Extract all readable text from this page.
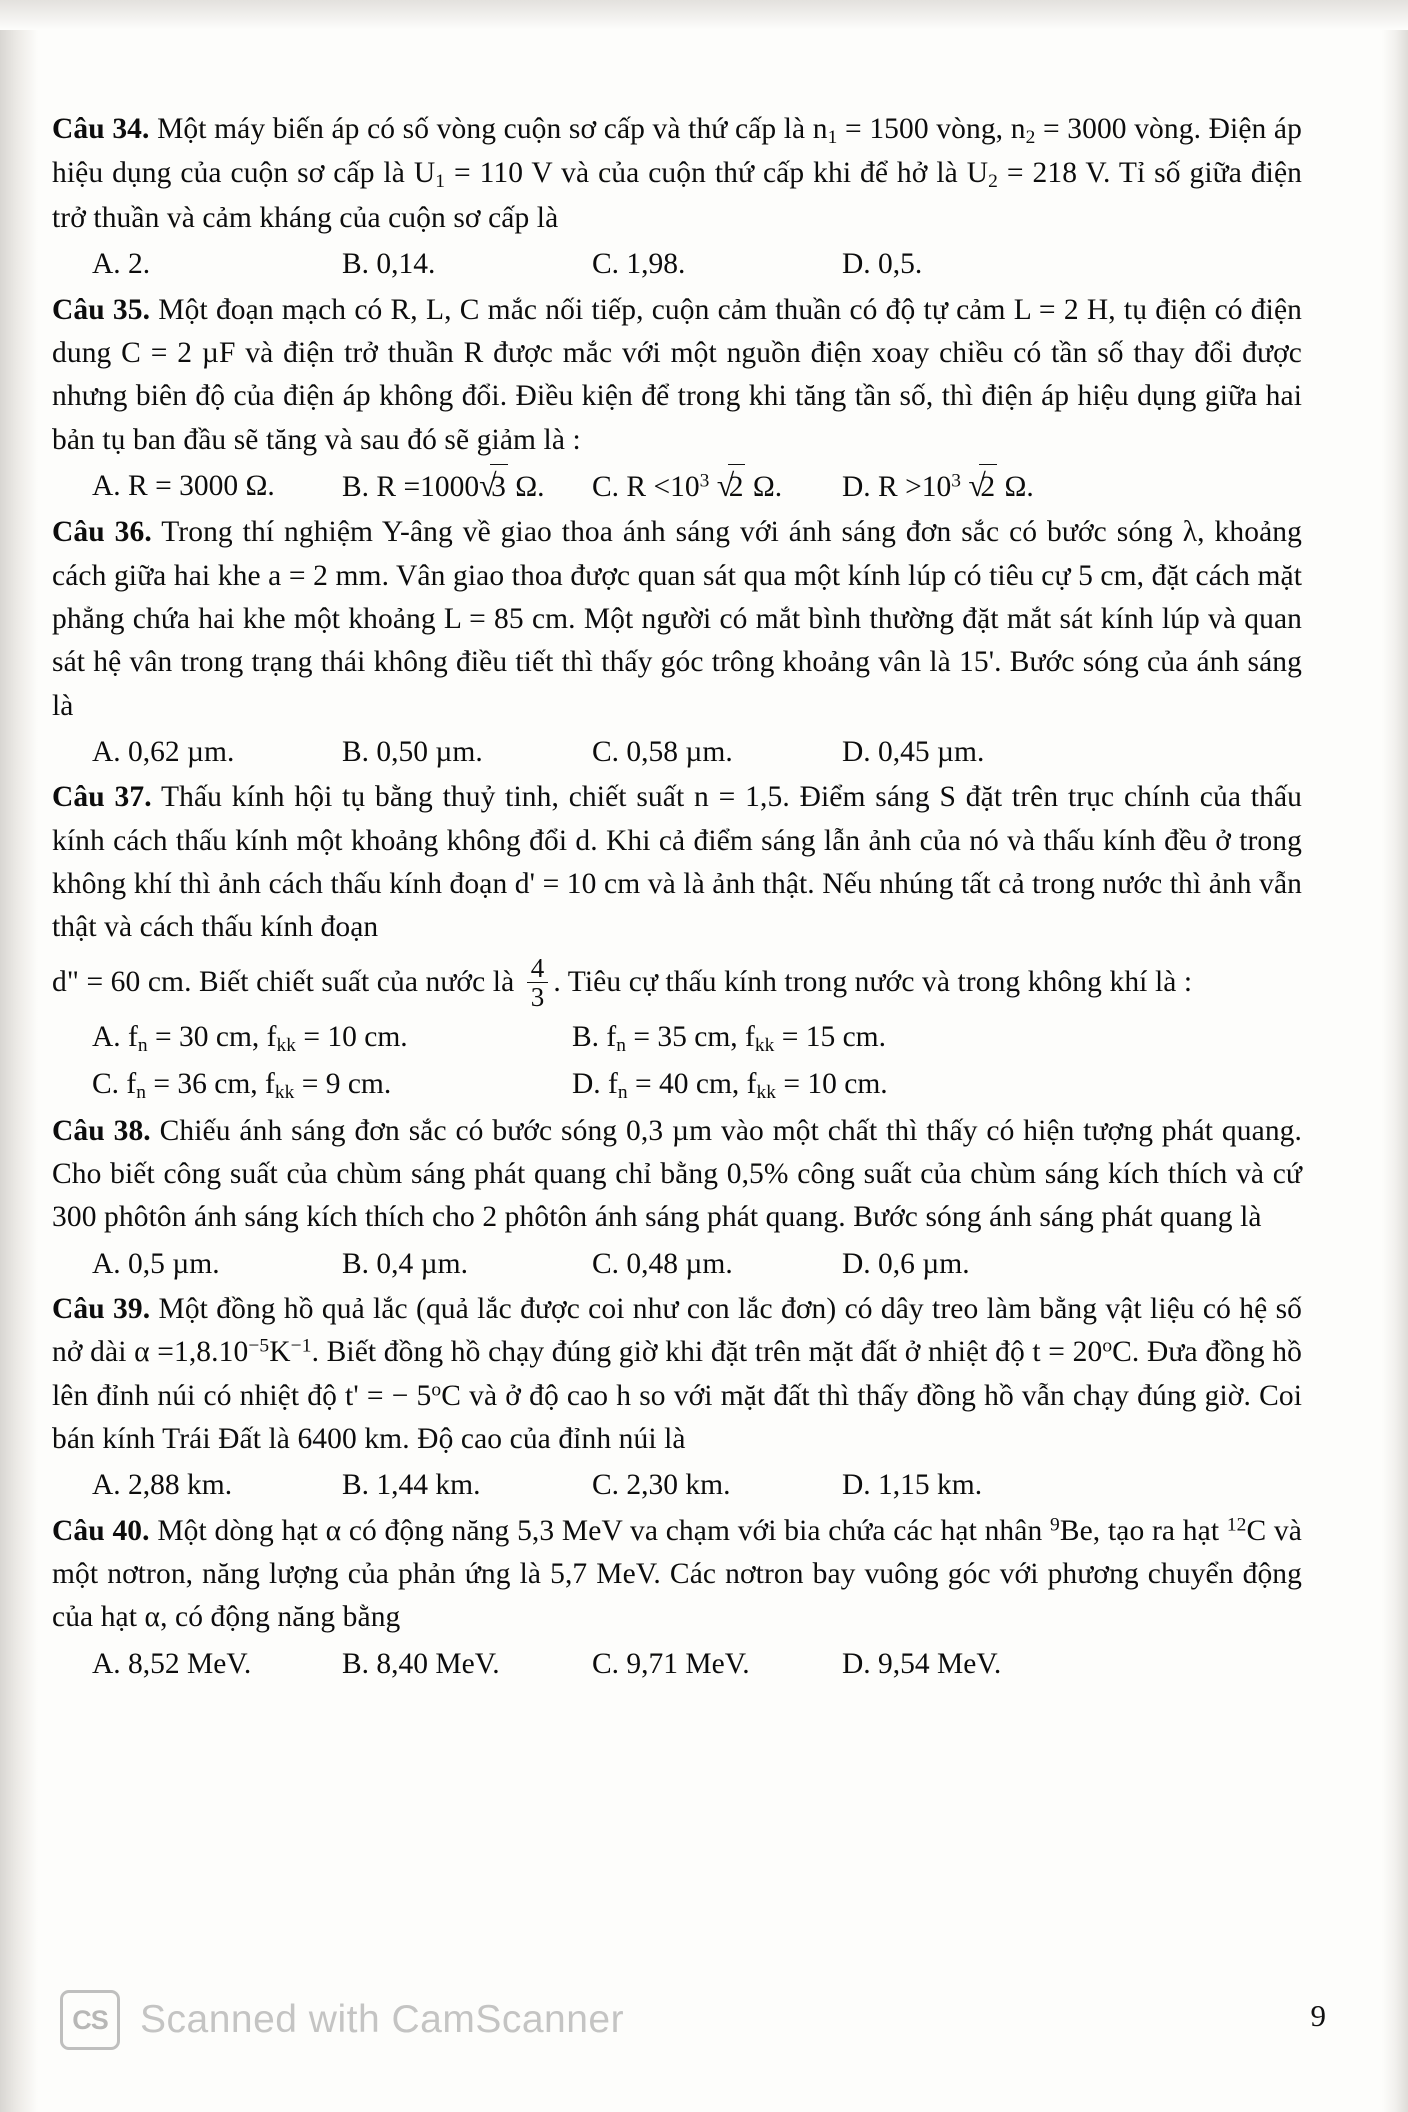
Câu 34. Một máy biến áp có số vòng cuộn sơ cấp và thứ cấp là $n_1 = 1500$ vòng, $n_2 = 3000$ vòng. Điện áp hiệu dụng của cuộn sơ cấp là $U_1 = 110$ V và của cuộn thứ cấp khi để hở là $U_2 = 218$ V. Tỉ số giữa điện trở thuần và cảm kháng của cuộn sơ cấp là
A. 2.	B. 0,14.	C. 1,98.	D. 0,5.
Câu 35. Một đoạn mạch có R, L, C mắc nối tiếp, cuộn cảm thuần có độ tự cảm L = 2 H, tụ điện có điện dung C = 2 µF và điện trở thuần R được mắc với một nguồn điện xoay chiều có tần số thay đổi được nhưng biên độ của điện áp không đổi. Điều kiện để trong khi tăng tần số, thì điện áp hiệu dụng giữa hai bản tụ ban đầu sẽ tăng và sau đó sẽ giảm là :
A. R = 3000 Ω.	B. R =1000 √ 3 Ω.	C. $R <10^3$ √ 2 Ω.	D. $R >10^3$ √ 2 Ω.
Câu 36. Trong thí nghiệm Y-âng về giao thoa ánh sáng với ánh sáng đơn sắc có bước sóng λ, khoảng cách giữa hai khe a = 2 mm. Vân giao thoa được quan sát qua một kính lúp có tiêu cự 5 cm, đặt cách mặt phẳng chứa hai khe một khoảng L = 85 cm. Một người có mắt bình thường đặt mắt sát kính lúp và quan sát hệ vân trong trạng thái không điều tiết thì thấy góc trông khoảng vân là 15'. Bước sóng của ánh sáng là
A. 0,62 µm.	B. 0,50 µm.	C. 0,58 µm.	D. 0,45 µm.
Câu 37. Thấu kính hội tụ bằng thuỷ tinh, chiết suất n = 1,5. Điểm sáng S đặt trên trục chính của thấu kính cách thấu kính một khoảng không đổi d. Khi cả điểm sáng lẫn ảnh của nó và thấu kính đều ở trong không khí thì ảnh cách thấu kính đoạn d' = 10 cm và là ảnh thật. Nếu nhúng tất cả trong nước thì ảnh vẫn thật và cách thấu kính đoạn
d" = 60 cm. Biết chiết suất của nước là $\frac{4}{3}$ . Tiêu cự thấu kính trong nước và trong không khí là :
A. $f_n = 30$ cm, $f_{kk} = 10$ cm.	B. $f_n = 35$ cm, $f_{kk} = 15$ cm.
C. $f_n = 36$ cm, $f_{kk} = 9$ cm.	D. $f_n = 40$ cm, $f_{kk} = 10$ cm.
Câu 38. Chiếu ánh sáng đơn sắc có bước sóng 0,3 µm vào một chất thì thấy có hiện tượng phát quang. Cho biết công suất của chùm sáng phát quang chỉ bằng 0,5% công suất của chùm sáng kích thích và cứ 300 phôtôn ánh sáng kích thích cho 2 phôtôn ánh sáng phát quang. Bước sóng ánh sáng phát quang là
A. 0,5 µm.	B. 0,4 µm.	C. 0,48 µm.	D. 0,6 µm.
Câu 39. Một đồng hồ quả lắc (quả lắc được coi như con lắc đơn) có dây treo làm bằng vật liệu có hệ số nở dài $\alpha =1,8.10^{-5}K^{-1}$. Biết đồng hồ chạy đúng giờ khi đặt trên mặt đất ở nhiệt độ $t = 20^oC$. Đưa đồng hồ lên đỉnh núi có nhiệt độ t' = − $5^oC$ và ở độ cao h so với mặt đất thì thấy đồng hồ vẫn chạy đúng giờ. Coi bán kính Trái Đất là 6400 km. Độ cao của đỉnh núi là
A. 2,88 km.	B. 1,44 km.	C. 2,30 km.	D. 1,15 km.
Câu 40. Một dòng hạt α có động năng 5,3 MeV va chạm với bia chứa các hạt nhân $^9$Be, tạo ra hạt $^{12}$C và một nơtron, năng lượng của phản ứng là 5,7 MeV. Các nơtron bay vuông góc với phương chuyển động của hạt α, có động năng bằng
A. 8,52 MeV.	B. 8,40 MeV.	C. 9,71 MeV.	D. 9,54 MeV.
CS Scanned with CamScanner	9
